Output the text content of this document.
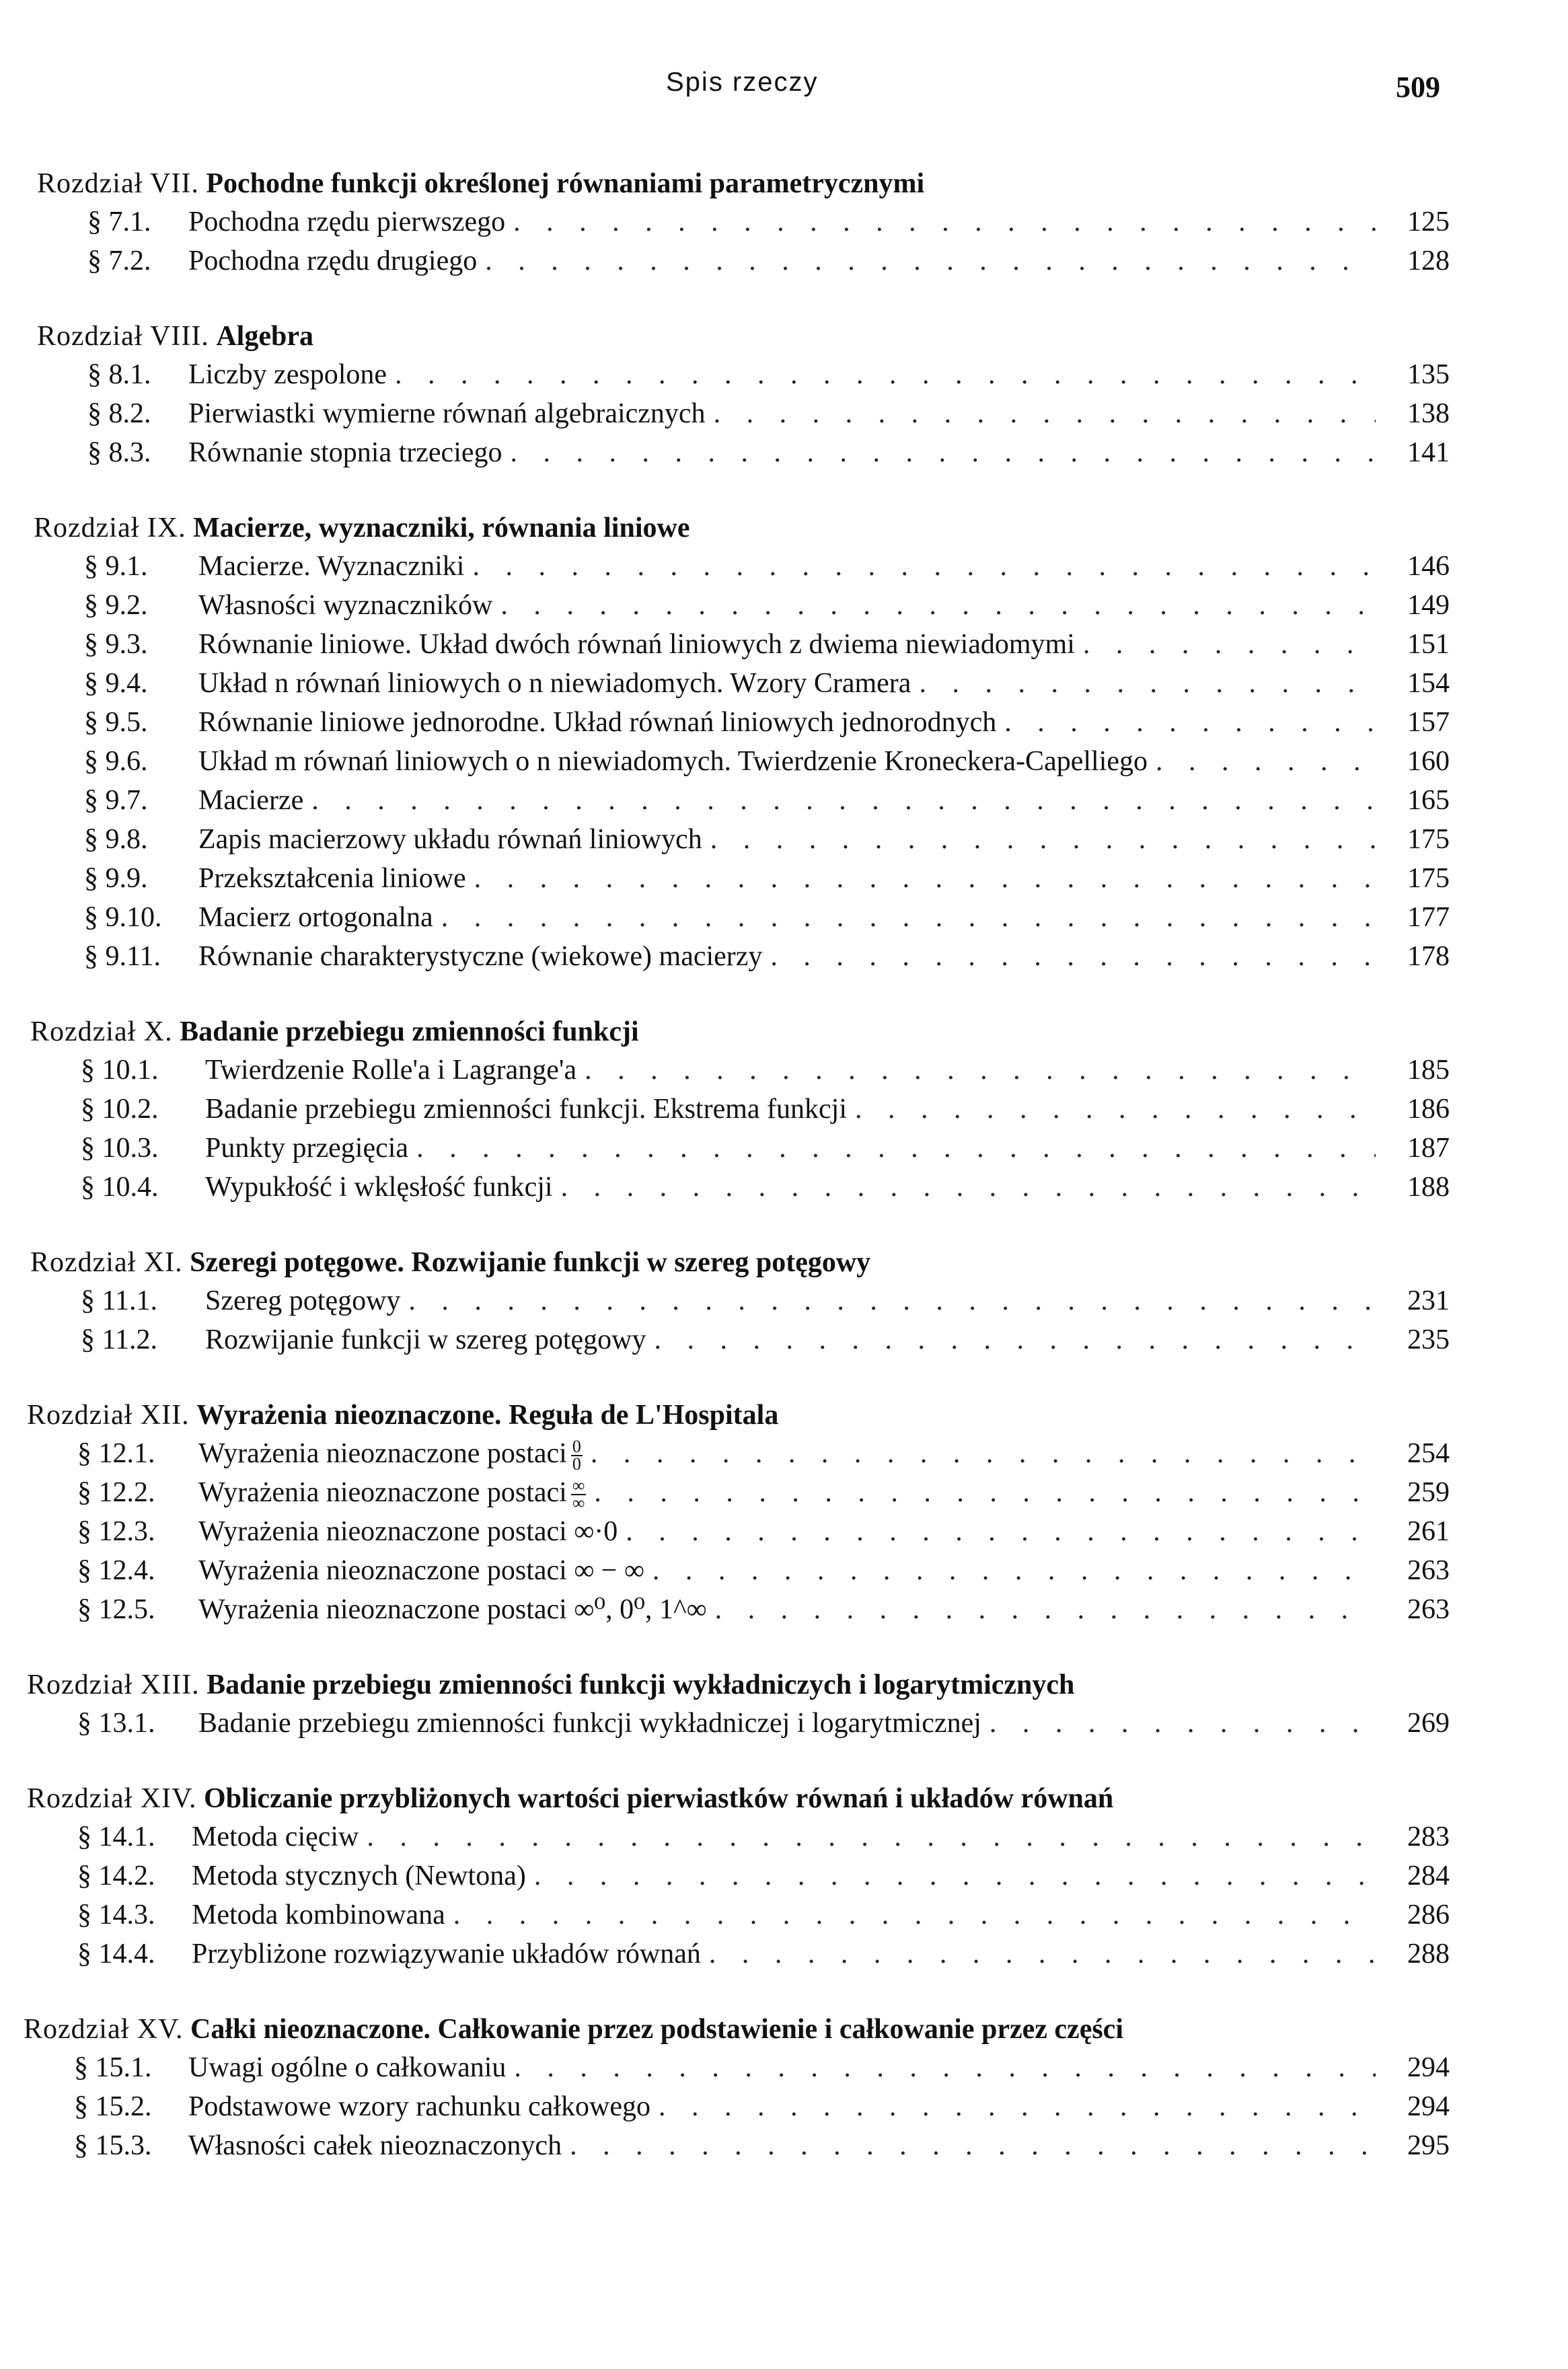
Spis rzeczy	509
Rozdział VII. Pochodne funkcji określonej równaniami parametrycznymi
§ 7.1.	Pochodna rzędu pierwszego . . .	125
§ 7.2.	Pochodna rzędu drugiego . . .	128
Rozdział VIII. Algebra
§ 8.1.	Liczby zespolone . . .	135
§ 8.2.	Pierwiastki wymierne równań algebraicznych . . .	138
§ 8.3.	Równanie stopnia trzeciego . . .	141
Rozdział IX. Macierze, wyznaczniki, równania liniowe
§ 9.1.	Macierze. Wyznaczniki . . .	146
§ 9.2.	Własności wyznaczników . . .	149
§ 9.3.	Równanie liniowe. Układ dwóch równań liniowych z dwiema niewiadomymi . . .	151
§ 9.4.	Układ n równań liniowych o n niewiadomych. Wzory Cramera . . .	154
§ 9.5.	Równanie liniowe jednorodne. Układ równań liniowych jednorodnych . . .	157
§ 9.6.	Układ m równań liniowych o n niewiadomych. Twierdzenie Kroneckera-Capelliego . . .	160
§ 9.7.	Macierze . . .	165
§ 9.8.	Zapis macierzowy układu równań liniowych . . .	175
§ 9.9.	Przekształcenia liniowe . . .	175
§ 9.10.	Macierz ortogonalna . . .	177
§ 9.11.	Równanie charakterystyczne (wiekowe) macierzy . . .	178
Rozdział X. Badanie przebiegu zmienności funkcji
§ 10.1.	Twierdzenie Rolle'a i Lagrange'a . . .	185
§ 10.2.	Badanie przebiegu zmienności funkcji. Ekstrema funkcji . . .	186
§ 10.3.	Punkty przegięcia . . .	187
§ 10.4.	Wypukłość i wklęsłość funkcji . . .	188
Rozdział XI. Szeregi potęgowe. Rozwijanie funkcji w szereg potęgowy
§ 11.1.	Szereg potęgowy . . .	231
§ 11.2.	Rozwijanie funkcji w szereg potęgowy . . .	235
Rozdział XII. Wyrażenia nieoznaczone. Reguła de L'Hospitala
§ 12.1.	Wyrażenia nieoznaczone postaci $\frac{0}{0}$ . . .	254
§ 12.2.	Wyrażenia nieoznaczone postaci $\frac{\infty}{\infty}$ . . .	259
§ 12.3.	Wyrażenia nieoznaczone postaci ∞·0 . . .	261
§ 12.4.	Wyrażenia nieoznaczone postaci ∞ − ∞ . . .	263
§ 12.5.	Wyrażenia nieoznaczone postaci ∞⁰, 0⁰, 1^∞ . . .	263
Rozdział XIII. Badanie przebiegu zmienności funkcji wykładniczych i logarytmicznych
§ 13.1.	Badanie przebiegu zmienności funkcji wykładniczej i logarytmicznej . . .	269
Rozdział XIV. Obliczanie przybliżonych wartości pierwiastków równań i układów równań
§ 14.1.	Metoda cięciw . . .	283
§ 14.2.	Metoda stycznych (Newtona) . . .	284
§ 14.3.	Metoda kombinowana . . .	286
§ 14.4.	Przybliżone rozwiązywanie układów równań . . .	288
Rozdział XV. Całki nieoznaczone. Całkowanie przez podstawienie i całkowanie przez części
§ 15.1.	Uwagi ogólne o całkowaniu . . .	294
§ 15.2.	Podstawowe wzory rachunku całkowego . . .	294
§ 15.3.	Własności całek nieoznaczonych . . .	295
